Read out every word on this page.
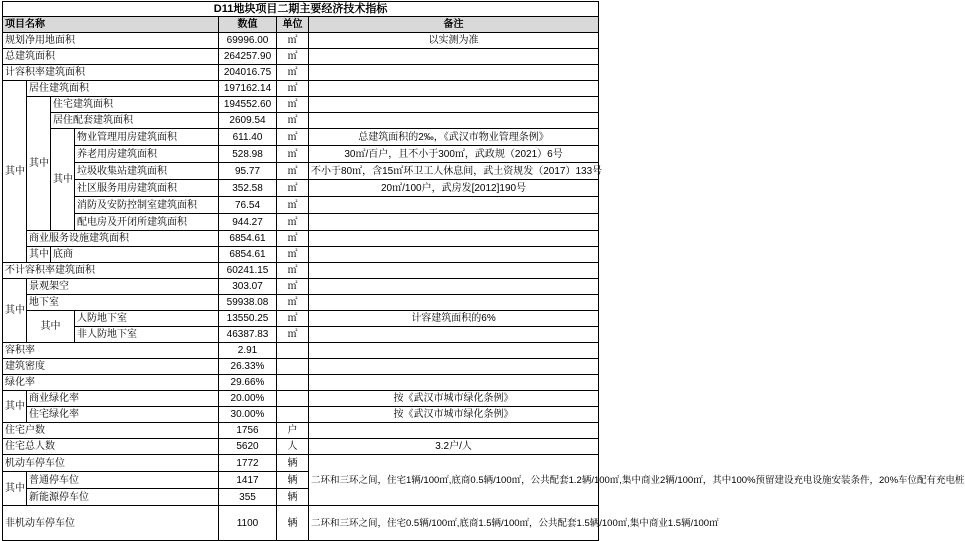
D11地块项目二期主要经济技术指标						
项目名称				数值	单位	备注
规划净用地面积				69996.00	㎡	以实测为准
总建筑面积				264257.90	㎡	
计容积率建筑面积				204016.75	㎡	
其中	居住建筑面积			197162.14	㎡	
	其中	住宅建筑面积		194552.60	㎡	
		居住配套建筑面积		2609.54	㎡	
		其中	物业管理用房建筑面积	611.40	㎡	总建筑面积的2‰，《武汉市物业管理条例》
			养老用房建筑面积	528.98	㎡	30㎡/百户，且不小于300㎡，武政规（2021）6号
			垃圾收集站建筑面积	95.77	㎡	不小于80㎡，含15㎡环卫工人休息间，武土资规发（2017）133号
			社区服务用房建筑面积	352.58	㎡	20㎡/100户，武房发[2012]190号
			消防及安防控制室建筑面积	76.54	㎡	
			配电房及开闭所建筑面积	944.27	㎡	
	商业服务设施建筑面积			6854.61	㎡	
	其中	底商		6854.61	㎡	
不计容积率建筑面积				60241.15	㎡	
其中	景观架空			303.07	㎡	
	地下室			59938.08	㎡	
	其中		人防地下室	13550.25	㎡	计容建筑面积的6%
			非人防地下室	46387.83	㎡	
容积率				2.91		
建筑密度				26.33%		
绿化率				29.66%		
其中	商业绿化率			20.00%		按《武汉市城市绿化条例》
	住宅绿化率			30.00%		按《武汉市城市绿化条例》
住宅户数				1756	户	
住宅总人数				5620	人	3.2户/人
机动车停车位				1772	辆	二环和三环之间，住宅1辆/100㎡,底商0.5辆/100㎡，公共配套1.2辆/100㎡,集中商业2辆/100㎡，其中100%预留建设充电设施安装条件，20%车位配有充电桩
其中	普通停车位			1417	辆	
	新能源停车位			355	辆	
非机动车停车位				1100	辆	二环和三环之间，住宅0.5辆/100㎡,底商1.5辆/100㎡，公共配套1.5辆/100㎡,集中商业1.5辆/100㎡
